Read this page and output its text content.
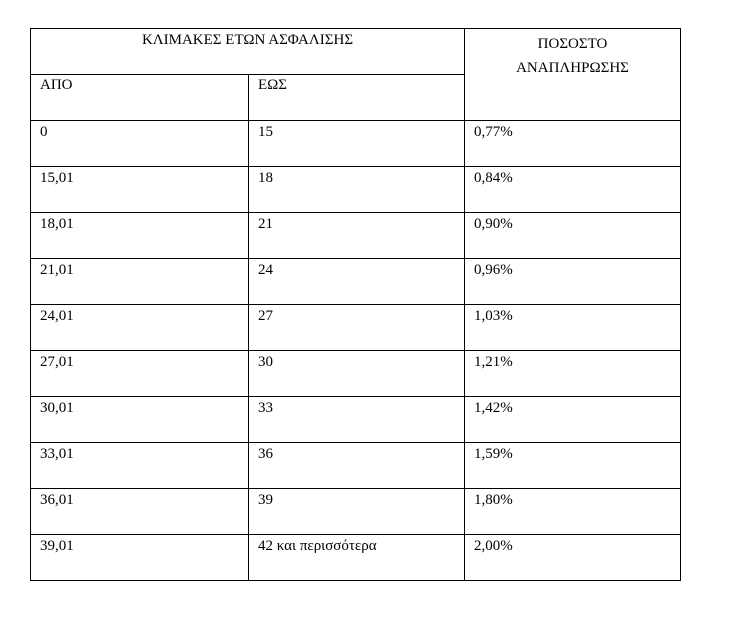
ΚΛΙΜΑΚΕΣ ΕΤΩΝ ΑΣΦΑΛΙΣΗΣ		ΠΟΣΟΣΤΟ
ΑΝΑΠΛΗΡΩΣΗΣ

ΑΠΟ	ΕΩΣ	
0	15	0,77%
15,01	18	0,84%
18,01	21	0,90%
21,01	24	0,96%
24,01	27	1,03%
27,01	30	1,21%
30,01	33	1,42%
33,01	36	1,59%
36,01	39	1,80%
39,01	42 και περισσότερα	2,00%
